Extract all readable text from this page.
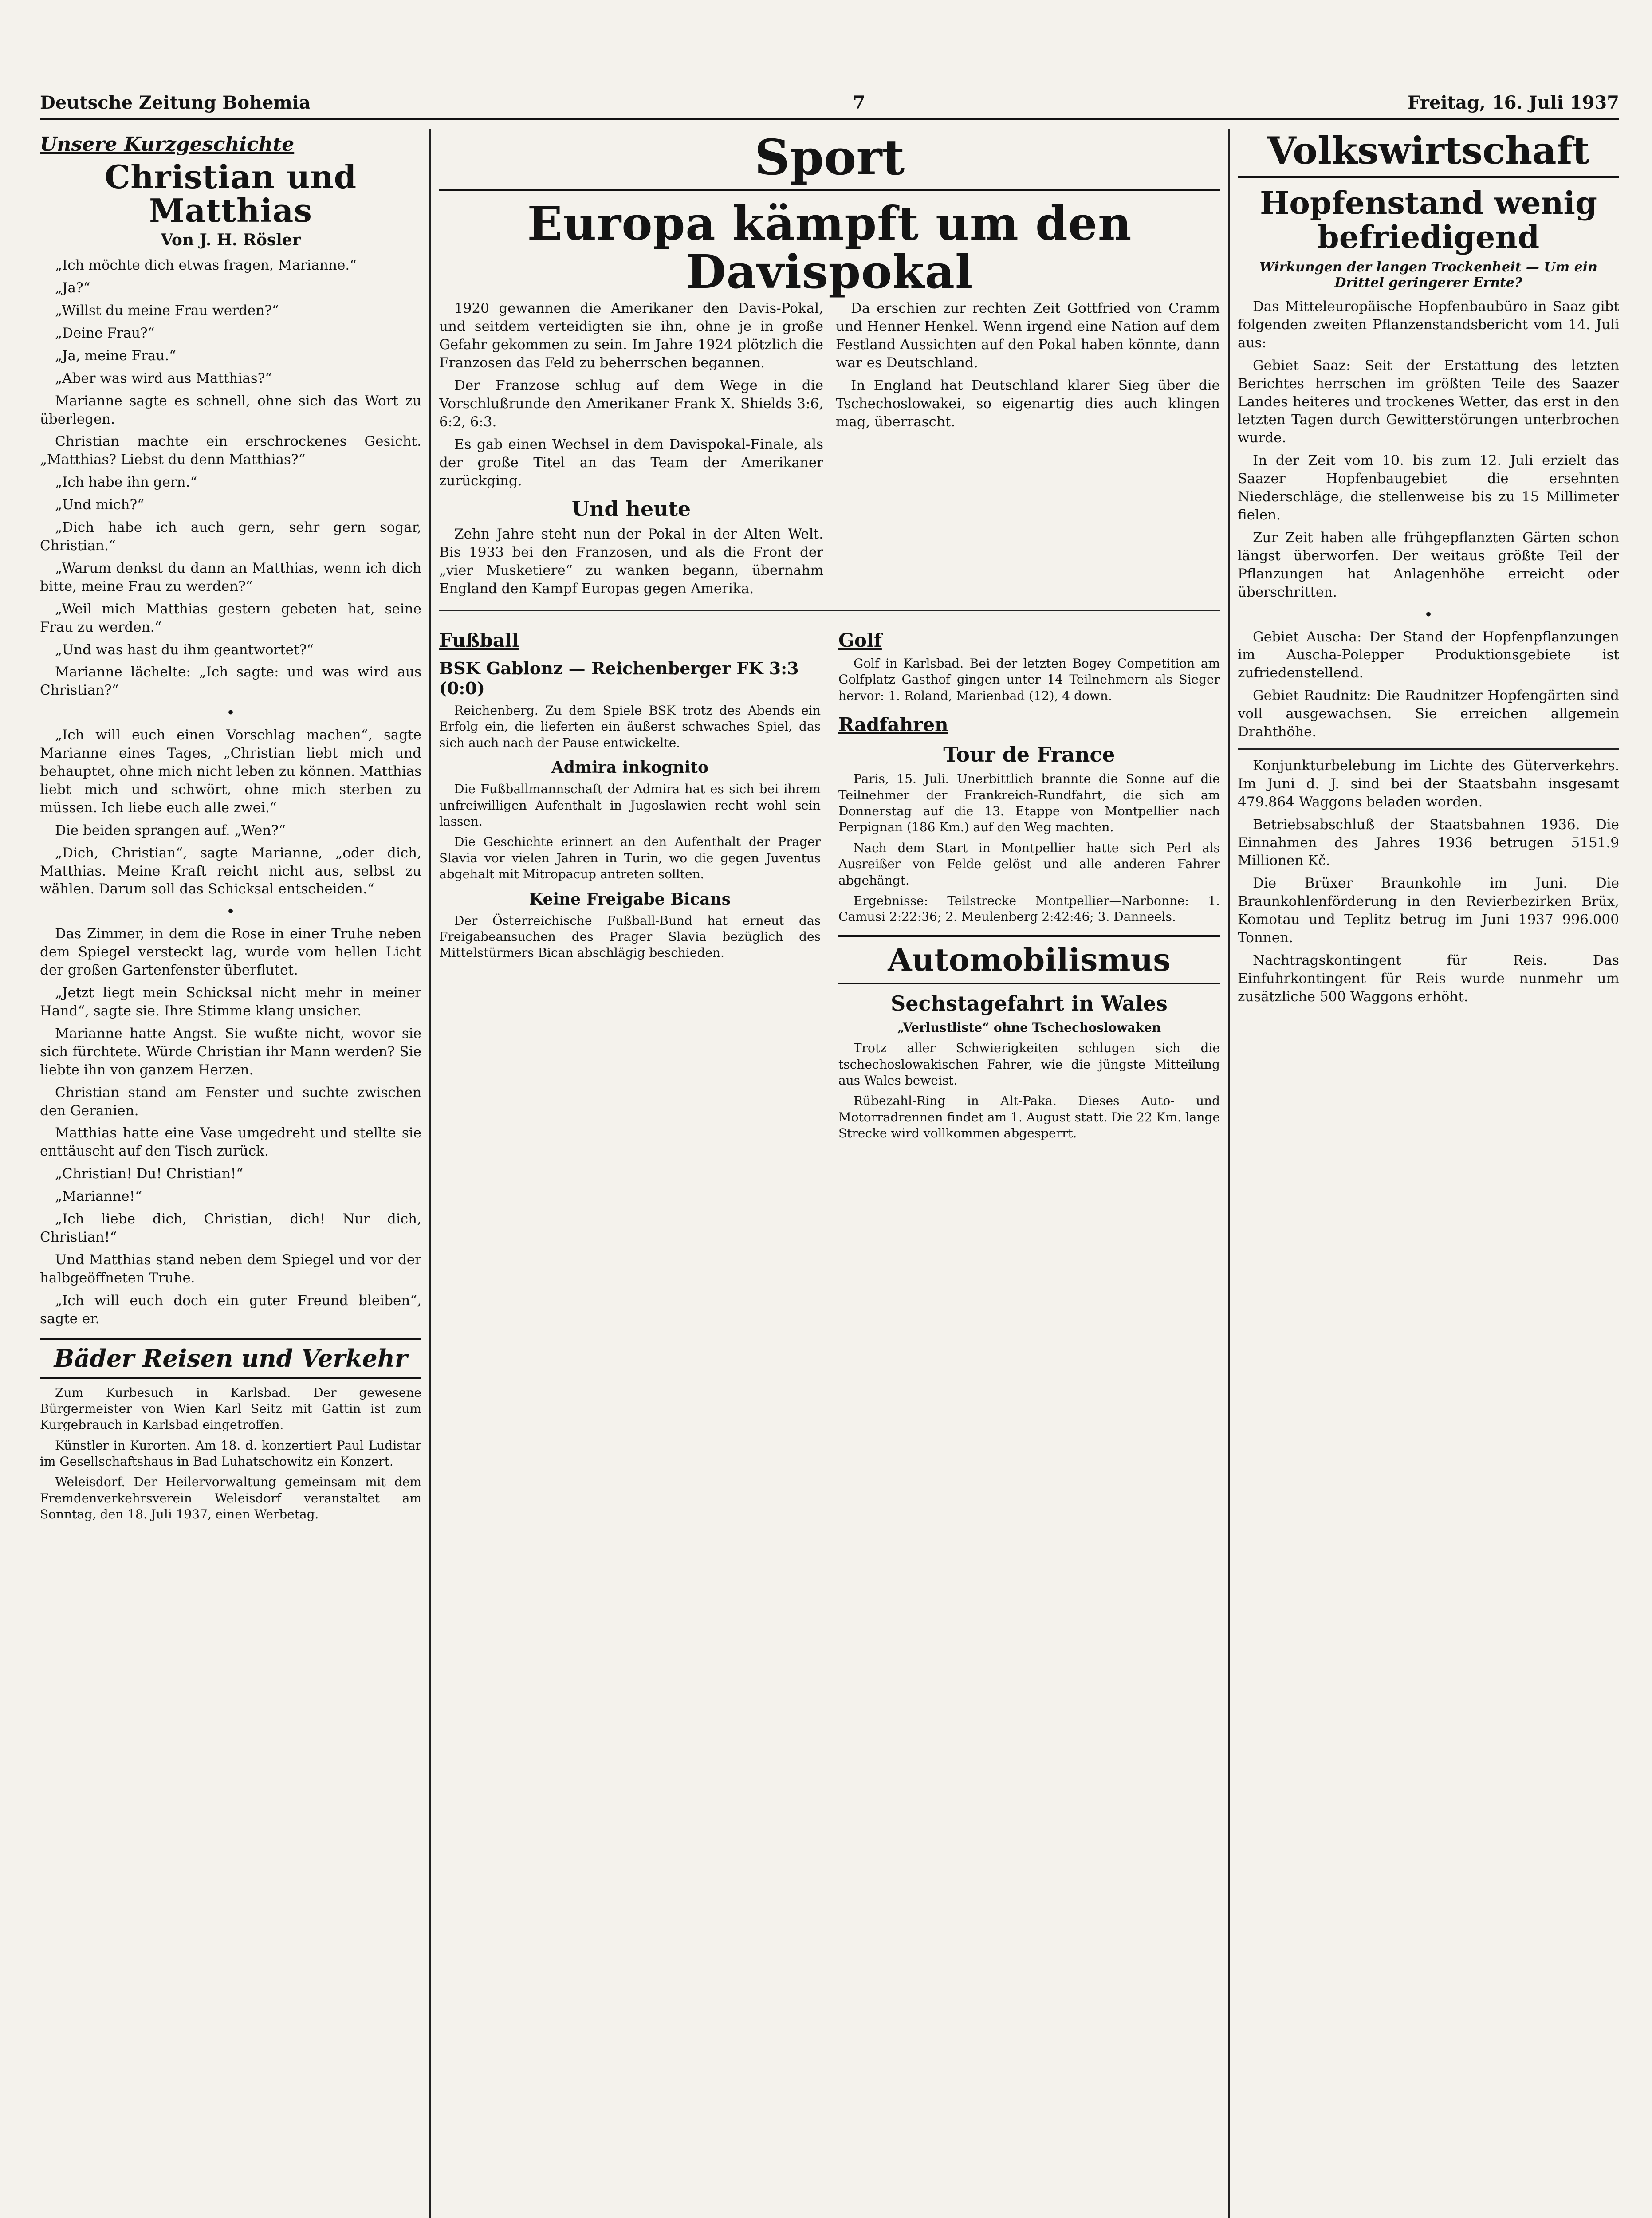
Deutsche Zeitung Bohemia	7	Freitag, 16. Juli 1937
Unsere Kurzgeschichte
Christian und Matthias
Von J. H. Rösler

„Ich möchte dich etwas fragen, Marianne.“

„Ja?“

„Willst du meine Frau werden?“

„Deine Frau?“

„Ja, meine Frau.“

„Aber was wird aus Matthias?“

Marianne sagte es schnell, ohne sich das Wort zu überlegen.

Christian machte ein erschrockenes Gesicht. „Matthias? Liebst du denn Matthias?“

„Ich habe ihn gern.“

„Und mich?“

„Dich habe ich auch gern, sehr gern sogar, Christian.“

„Warum denkst du dann an Matthias, wenn ich dich bitte, meine Frau zu werden?“

„Weil mich Matthias gestern gebeten hat, seine Frau zu werden.“

„Und was hast du ihm geantwortet?“

Marianne lächelte: „Ich sagte: und was wird aus Christian?“

•

„Ich will euch einen Vorschlag machen“, sagte Marianne eines Tages, „Christian liebt mich und behauptet, ohne mich nicht leben zu können. Matthias liebt mich und schwört, ohne mich sterben zu müssen. Ich liebe euch alle zwei.“

Die beiden sprangen auf. „Wen?“

„Dich, Christian“, sagte Marianne, „oder dich, Matthias. Meine Kraft reicht nicht aus, selbst zu wählen. Darum soll das Schicksal entscheiden.“

•

Das Zimmer, in dem die Rose in einer Truhe neben dem Spiegel versteckt lag, wurde vom hellen Licht der großen Gartenfenster überflutet.

„Jetzt liegt mein Schicksal nicht mehr in meiner Hand“, sagte sie. Ihre Stimme klang unsicher.

Marianne hatte Angst. Sie wußte nicht, wovor sie sich fürchtete. Würde Christian ihr Mann werden? Sie liebte ihn von ganzem Herzen.

Christian stand am Fenster und suchte zwischen den Geranien.

Matthias hatte eine Vase umgedreht und stellte sie enttäuscht auf den Tisch zurück.

„Christian! Du! Christian!“

„Marianne!“

„Ich liebe dich, Christian, dich! Nur dich, Christian!“

Und Matthias stand neben dem Spiegel und vor der halbgeöffneten Truhe.

„Ich will euch doch ein guter Freund bleiben“, sagte er.

Bäder Reisen und Verkehr

Zum Kurbesuch in Karlsbad. Der gewesene Bürgermeister von Wien Karl Seitz mit Gattin ist zum Kurgebrauch in Karlsbad eingetroffen.

Künstler in Kurorten. Am 18. d. konzertiert Paul Ludistar im Gesellschaftshaus in Bad Luhatschowitz ein Konzert.

Weleisdorf. Der Heilervorwaltung gemeinsam mit dem Fremdenverkehrsverein Weleisdorf veranstaltet am Sonntag, den 18. Juli 1937, einen Werbetag.

Sport
Europa kämpft um den Davispokal

1920 gewannen die Amerikaner den Davis-Pokal, und seitdem verteidigten sie ihn, ohne je in große Gefahr gekommen zu sein. Im Jahre 1924 plötzlich die Franzosen das Feld zu beherrschen begannen.

Der Franzose schlug auf dem Wege in die Vorschlußrunde den Amerikaner Frank X. Shields 3:6, 6:2, 6:3.

Es gab einen Wechsel in dem Davispokal-Finale, als der große Titel an das Team der Amerikaner zurückging.

Und heute

Zehn Jahre steht nun der Pokal in der Alten Welt. Bis 1933 bei den Franzosen, und als die Front der „vier Musketiere“ zu wanken begann, übernahm England den Kampf Europas gegen Amerika.

Da erschien zur rechten Zeit Gottfried von Cramm und Henner Henkel. Wenn irgend eine Nation auf dem Festland Aussichten auf den Pokal haben könnte, dann war es Deutschland.

In England hat Deutschland klarer Sieg über die Tschechoslowakei, so eigenartig dies auch klingen mag, überrascht.

Fußball
BSK Gablonz — Reichenberger FK 3:3 (0:0)

Reichenberg. Zu dem Spiele BSK trotz des Abends ein Erfolg ein, die lieferten ein äußerst schwaches Spiel, das sich auch nach der Pause entwickelte.

Admira inkognito

Die Fußballmannschaft der Admira hat es sich bei ihrem unfreiwilligen Aufenthalt in Jugoslawien recht wohl sein lassen.

Die Geschichte erinnert an den Aufenthalt der Prager Slavia vor vielen Jahren in Turin, wo die gegen Juventus abgehalt mit Mitropacup antreten sollten.

Keine Freigabe Bicans

Der Österreichische Fußball-Bund hat erneut das Freigabeansuchen des Prager Slavia bezüglich des Mittelstürmers Bican abschlägig beschieden.

Golf

Golf in Karlsbad. Bei der letzten Bogey Competition am Golfplatz Gasthof gingen unter 14 Teilnehmern als Sieger hervor: 1. Roland, Marienbad (12), 4 down.

Radfahren
Tour de France

Paris, 15. Juli. Unerbittlich brannte die Sonne auf die Teilnehmer der Frankreich-Rundfahrt, die sich am Donnerstag auf die 13. Etappe von Montpellier nach Perpignan (186 Km.) auf den Weg machten.

Nach dem Start in Montpellier hatte sich Perl als Ausreißer von Felde gelöst und alle anderen Fahrer abgehängt.

Ergebnisse: Teilstrecke Montpellier—Narbonne: 1. Camusi 2:22:36; 2. Meulenberg 2:42:46; 3. Danneels.

Automobilismus
Sechstagefahrt in Wales

„Verlustliste“ ohne Tschechoslowaken

Trotz aller Schwierigkeiten schlugen sich die tschechoslowakischen Fahrer, wie die jüngste Mitteilung aus Wales beweist.

Rübezahl-Ring in Alt-Paka. Dieses Auto- und Motorradrennen findet am 1. August statt. Die 22 Km. lange Strecke wird vollkommen abgesperrt.

Volkswirtschaft
Hopfenstand wenig befriedigend
Wirkungen der langen Trockenheit — Um ein Drittel geringerer Ernte?

Das Mitteleuropäische Hopfenbaubüro in Saaz gibt folgenden zweiten Pflanzenstandsbericht vom 14. Juli aus:

Gebiet Saaz: Seit der Erstattung des letzten Berichtes herrschen im größten Teile des Saazer Landes heiteres und trockenes Wetter, das erst in den letzten Tagen durch Gewitterstörungen unterbrochen wurde.

In der Zeit vom 10. bis zum 12. Juli erzielt das Saazer Hopfenbaugebiet die ersehnten Niederschläge, die stellenweise bis zu 15 Millimeter fielen.

Zur Zeit haben alle frühgepflanzten Gärten schon längst überworfen. Der weitaus größte Teil der Pflanzungen hat Anlagenhöhe erreicht oder überschritten.

•

Gebiet Auscha: Der Stand der Hopfenpflanzungen im Auscha-Polepper Produktionsgebiete ist zufriedenstellend.

Gebiet Raudnitz: Die Raudnitzer Hopfengärten sind voll ausgewachsen. Sie erreichen allgemein Drahthöhe.

Konjunkturbelebung im Lichte des Güterverkehrs. Im Juni d. J. sind bei der Staatsbahn insgesamt 479.864 Waggons beladen worden.

Betriebsabschluß der Staatsbahnen 1936. Die Einnahmen des Jahres 1936 betrugen 5151.9 Millionen Kč.

Die Brüxer Braunkohle im Juni. Die Braunkohlenförderung in den Revierbezirken Brüx, Komotau und Teplitz betrug im Juni 1937 996.000 Tonnen.

Nachtragskontingent für Reis. Das Einfuhrkontingent für Reis wurde nunmehr um zusätzliche 500 Waggons erhöht.
